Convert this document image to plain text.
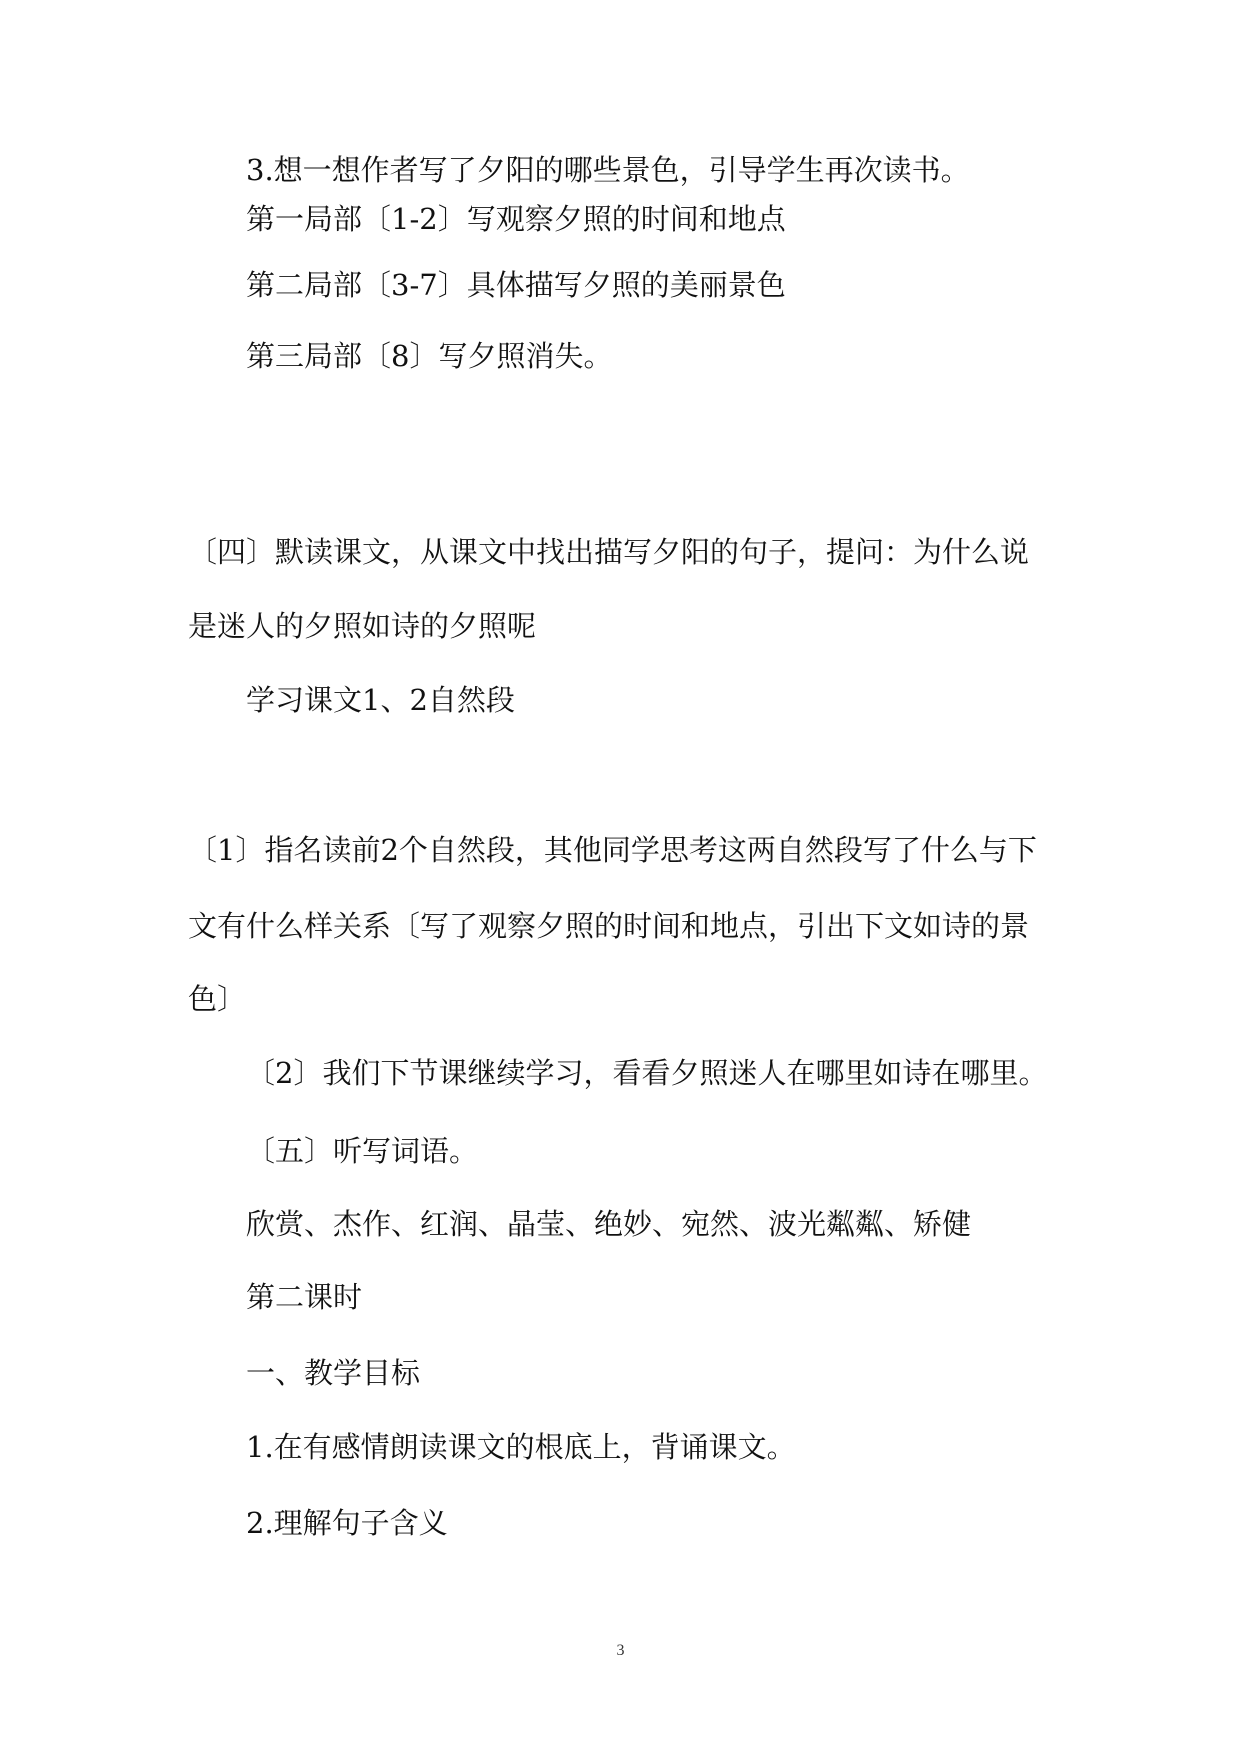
3.想一想作者写了夕阳的哪些景色，引导学生再次读书。

第一局部〔1-2〕写观察夕照的时间和地点

第二局部〔3-7〕具体描写夕照的美丽景色

第三局部〔8〕写夕照消失。

〔四〕默读课文，从课文中找出描写夕阳的句子，提问：为什么说

是迷人的夕照如诗的夕照呢

学习课文1、2自然段

〔1〕指名读前2个自然段，其他同学思考这两自然段写了什么与下

文有什么样关系〔写了观察夕照的时间和地点，引出下文如诗的景

色〕

〔2〕我们下节课继续学习，看看夕照迷人在哪里如诗在哪里。

〔五〕听写词语。

欣赏、杰作、红润、晶莹、绝妙、宛然、波光粼粼、矫健

第二课时

一、教学目标

1.在有感情朗读课文的根底上，背诵课文。

2.理解句子含义

3
